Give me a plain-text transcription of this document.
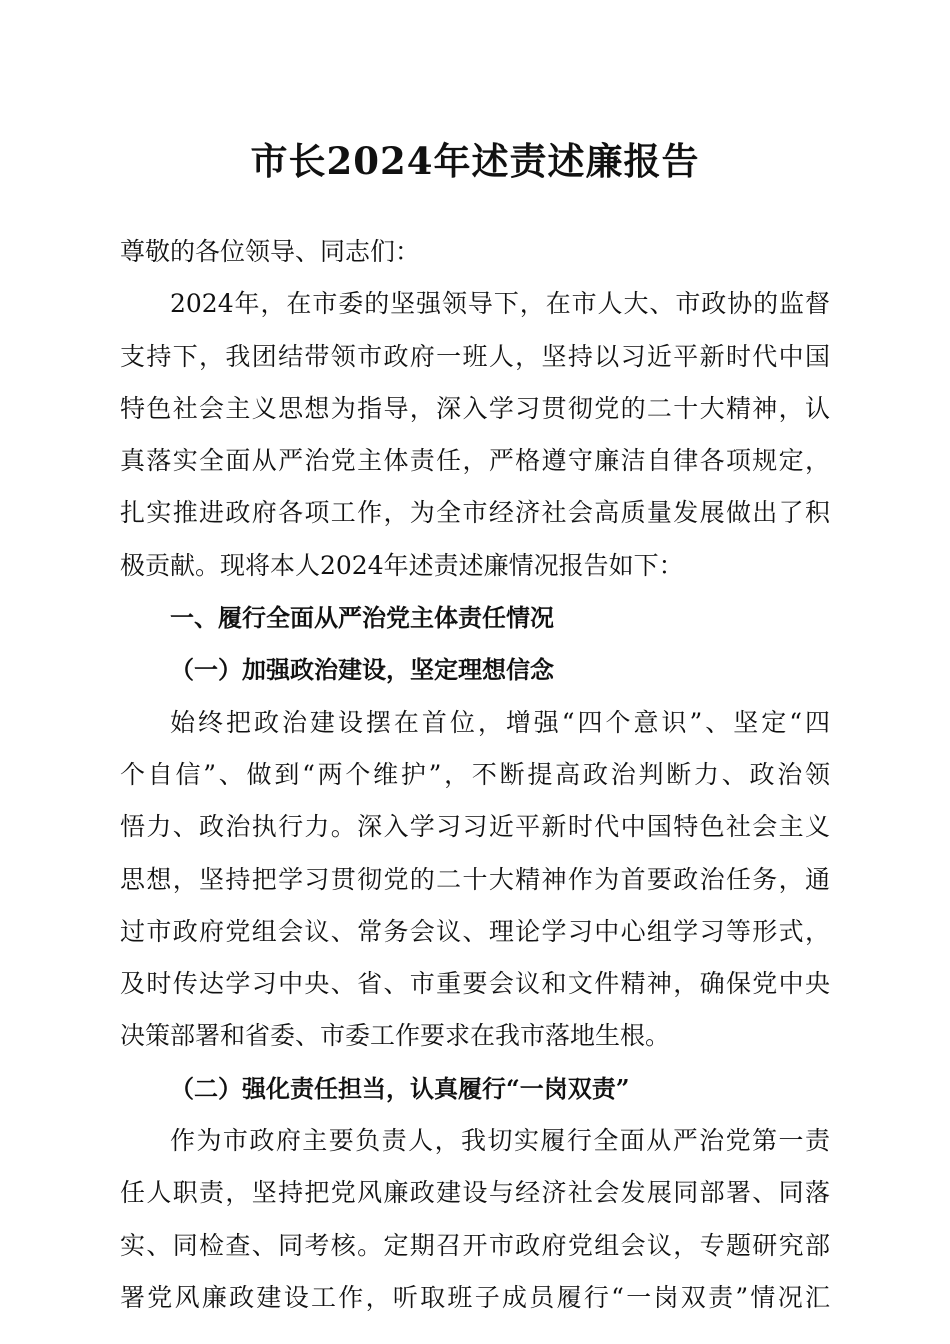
市长2024年述责述廉报告
尊敬的各位领导、同志们：
2024年，在市委的坚强领导下，在市人大、市政协的监督
支持下，我团结带领市政府一班人，坚持以习近平新时代中国
特色社会主义思想为指导，深入学习贯彻党的二十大精神，认
真落实全面从严治党主体责任，严格遵守廉洁自律各项规定，
扎实推进政府各项工作，为全市经济社会高质量发展做出了积
极贡献。现将本人2024年述责述廉情况报告如下：
一、履行全面从严治党主体责任情况
（一）加强政治建设，坚定理想信念
始终把政治建设摆在首位，增强“四个意识”、坚定“四
个自信”、做到“两个维护”，不断提高政治判断力、政治领
悟力、政治执行力。深入学习习近平新时代中国特色社会主义
思想，坚持把学习贯彻党的二十大精神作为首要政治任务，通
过市政府党组会议、常务会议、理论学习中心组学习等形式，
及时传达学习中央、省、市重要会议和文件精神，确保党中央
决策部署和省委、市委工作要求在我市落地生根。
（二）强化责任担当，认真履行“一岗双责”
作为市政府主要负责人，我切实履行全面从严治党第一责
任人职责，坚持把党风廉政建设与经济社会发展同部署、同落
实、同检查、同考核。定期召开市政府党组会议，专题研究部
署党风廉政建设工作，听取班子成员履行“一岗双责”情况汇
